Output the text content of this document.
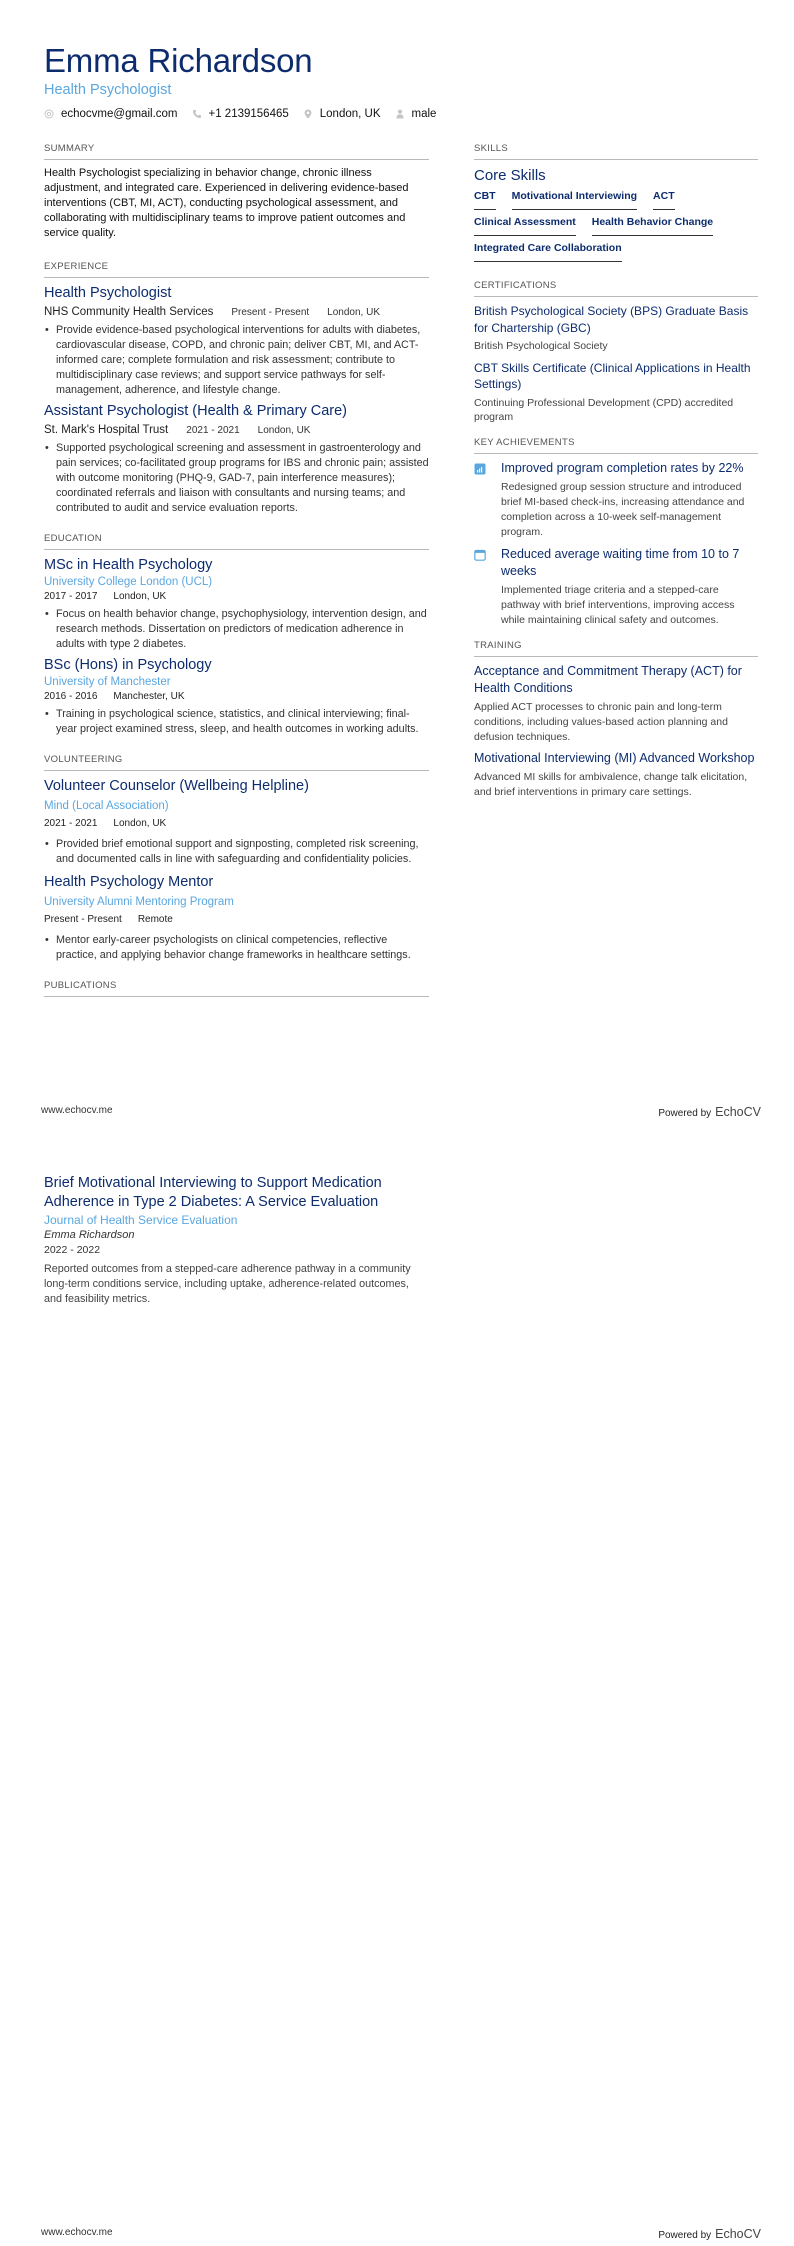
Emma Richardson
Health Psychologist
echocvme@gmail.com	+1 2139156465	London, UK	male
SUMMARY

Health Psychologist specializing in behavior change, chronic illness adjustment, and integrated care. Experienced in delivering evidence-based interventions (CBT, MI, ACT), conducting psychological assessment, and collaborating with multidisciplinary teams to improve patient outcomes and service quality.

EXPERIENCE
Health Psychologist
NHS Community Health Services Present - Present London, UK
• Provide evidence-based psychological interventions for adults with diabetes, cardiovascular disease, COPD, and chronic pain; deliver CBT, MI, and ACT-informed care; complete formulation and risk assessment; contribute to multidisciplinary case reviews; and support service pathways for self-management, adherence, and lifestyle change.
Assistant Psychologist (Health & Primary Care)
St. Mark's Hospital Trust 2021 - 2021 London, UK
• Supported psychological screening and assessment in gastroenterology and pain services; co-facilitated group programs for IBS and chronic pain; assisted with outcome monitoring (PHQ-9, GAD-7, pain interference measures); coordinated referrals and liaison with consultants and nursing teams; and contributed to audit and service evaluation reports.
EDUCATION
MSc in Health Psychology
University College London (UCL)
2017 - 2017 London, UK
• Focus on health behavior change, psychophysiology, intervention design, and research methods. Dissertation on predictors of medication adherence in adults with type 2 diabetes.
BSc (Hons) in Psychology
University of Manchester
2016 - 2016 Manchester, UK
• Training in psychological science, statistics, and clinical interviewing; final-year project examined stress, sleep, and health outcomes in working adults.
VOLUNTEERING
Volunteer Counselor (Wellbeing Helpline)
Mind (Local Association)
2021 - 2021 London, UK
• Provided brief emotional support and signposting, completed risk screening, and documented calls in line with safeguarding and confidentiality policies.
Health Psychology Mentor
University Alumni Mentoring Program
Present - Present Remote
• Mentor early-career psychologists on clinical competencies, reflective practice, and applying behavior change frameworks in healthcare settings.
PUBLICATIONS
SKILLS
Core Skills
CBT Motivational Interviewing ACT
Clinical Assessment Health Behavior Change
Integrated Care Collaboration
CERTIFICATIONS
British Psychological Society (BPS) Graduate Basis for Chartership (GBC)
British Psychological Society
CBT Skills Certificate (Clinical Applications in Health Settings)
Continuing Professional Development (CPD) accredited program
KEY ACHIEVEMENTS
Improved program completion rates by 22%
Redesigned group session structure and introduced brief MI-based check-ins, increasing attendance and completion across a 10-week self-management program.
Reduced average waiting time from 10 to 7 weeks
Implemented triage criteria and a stepped-care pathway with brief interventions, improving access while maintaining clinical safety and outcomes.
TRAINING
Acceptance and Commitment Therapy (ACT) for Health Conditions
Applied ACT processes to chronic pain and long-term conditions, including values-based action planning and defusion techniques.
Motivational Interviewing (MI) Advanced Workshop
Advanced MI skills for ambivalence, change talk elicitation, and brief interventions in primary care settings.
www.echocv.me	Powered by EchoCV
Brief Motivational Interviewing to Support Medication Adherence in Type 2 Diabetes: A Service Evaluation
Journal of Health Service Evaluation
Emma Richardson
2022 - 2022
Reported outcomes from a stepped-care adherence pathway in a community long-term conditions service, including uptake, adherence-related outcomes, and feasibility metrics.
www.echocv.me	Powered by EchoCV
